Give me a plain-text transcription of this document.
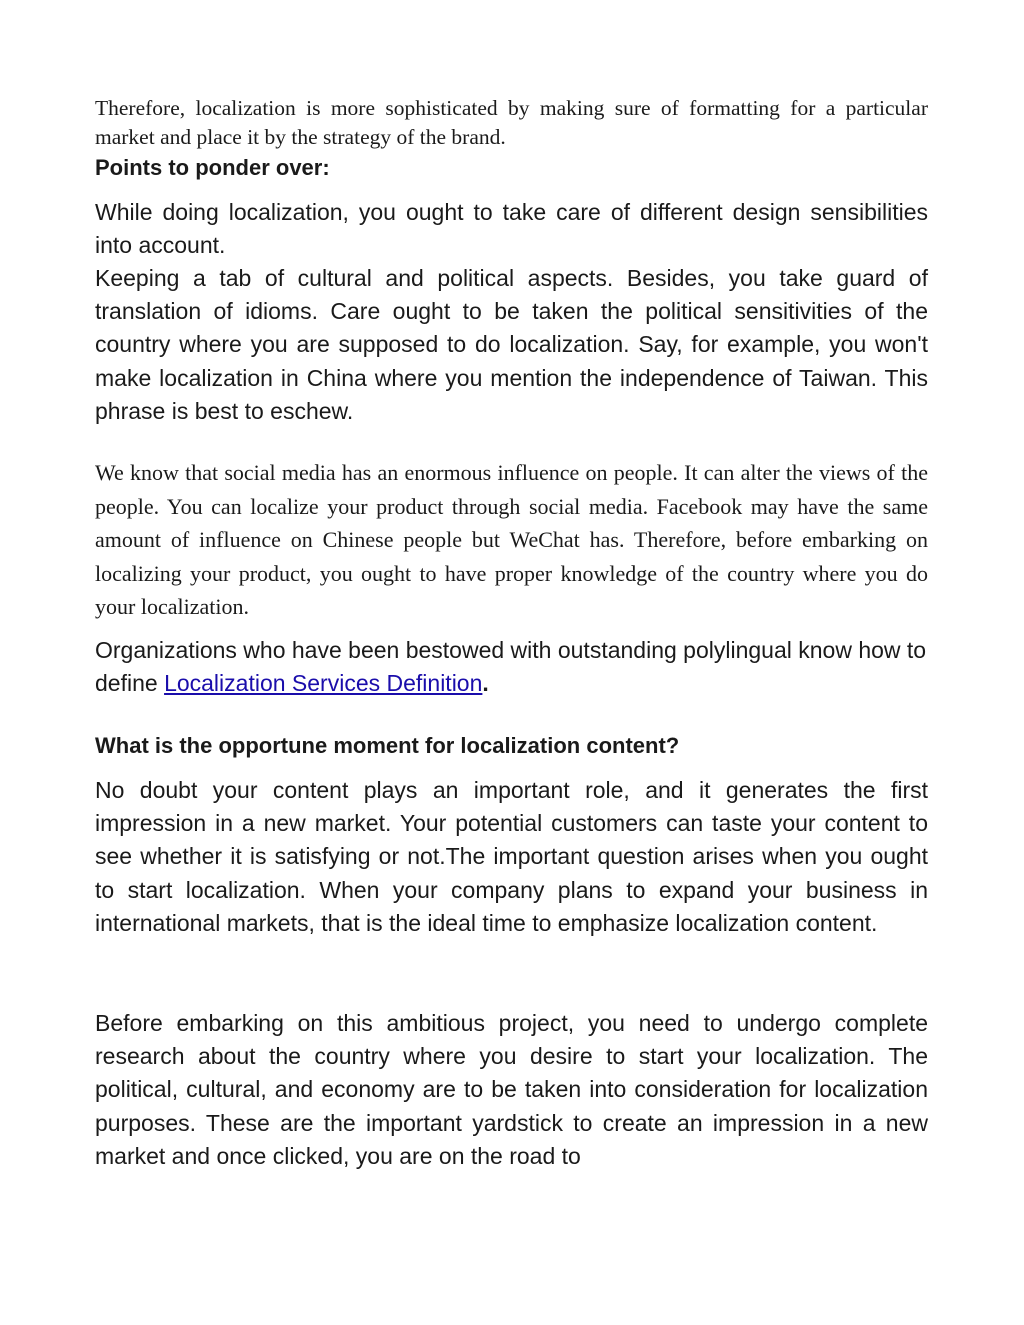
Therefore, localization is more sophisticated by making sure of formatting for a particular market and place it by the strategy of the brand.

Points to ponder over:

While doing localization, you ought to take care of different design sensibilities into account.

Keeping a tab of cultural and political aspects. Besides, you take guard of translation of idioms. Care ought to be taken the political sensitivities of the country where you are supposed to do localization. Say, for example, you won't make localization in China where you mention the independence of Taiwan. This phrase is best to eschew.

We know that social media has an enormous influence on people. It can alter the views of the people. You can localize your product through social media. Facebook may have the same amount of influence on Chinese people but WeChat has. Therefore, before embarking on localizing your product, you ought to have proper knowledge of the country where you do your localization.

Organizations who have been bestowed with outstanding polylingual know how to define Localization Services Definition.

What is the opportune moment for localization content?

No doubt your content plays an important role, and it generates the first impression in a new market. Your potential customers can taste your content to see whether it is satisfying or not.The important question arises when you ought to start localization. When your company plans to expand your business in international markets, that is the ideal time to emphasize localization content.

Before embarking on this ambitious project, you need to undergo complete research about the country where you desire to start your localization. The political, cultural, and economy are to be taken into consideration for localization purposes. These are the important yardstick to create an impression in a new market and once clicked, you are on the road to
